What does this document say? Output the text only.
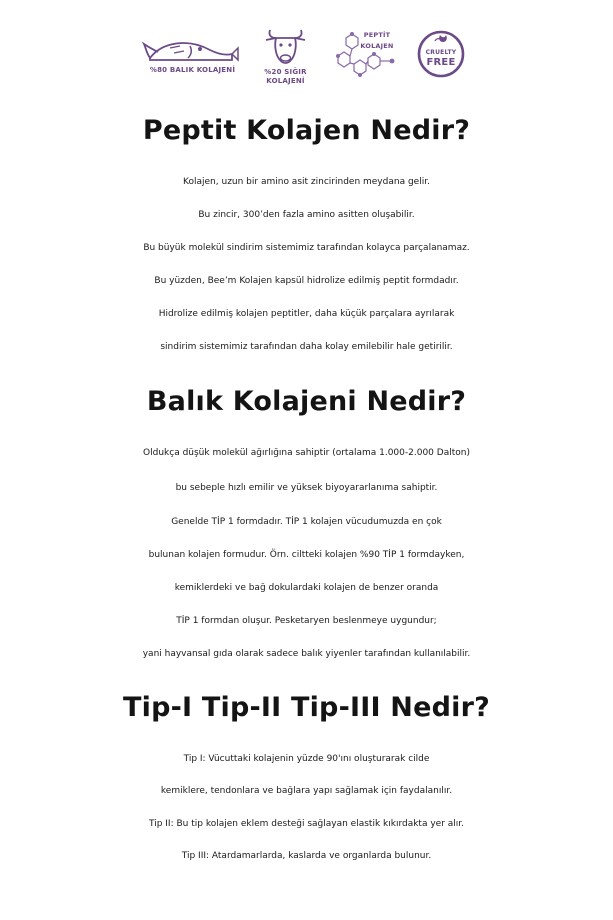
%80 BALIK KOLAJENİ	%20 SIĞIR
KOLAJENİ
PEPTİT
KOLAJEN
CRUELTY
FREE
Peptit Kolajen Nedir?

Kolajen, uzun bir amino asit zincirinden meydana gelir.

Bu zincir, 300’den fazla amino asitten oluşabilir.

Bu büyük molekül sindirim sistemimiz tarafından kolayca parçalanamaz.

Bu yüzden, Bee’m Kolajen kapsül hidrolize edilmiş peptit formdadır.

Hidrolize edilmiş kolajen peptitler, daha küçük parçalara ayrılarak

sindirim sistemimiz tarafından daha kolay emilebilir hale getirilir.

Balık Kolajeni Nedir?

Oldukça düşük molekül ağırlığına sahiptir (ortalama 1.000-2.000 Dalton)

bu sebeple hızlı emilir ve yüksek biyoyararlanıma sahiptir.

Genelde TİP 1 formdadır. TİP 1 kolajen vücudumuzda en çok

bulunan kolajen formudur. Örn. ciltteki kolajen %90 TİP 1 formdayken,

kemiklerdeki ve bağ dokulardaki kolajen de benzer oranda

TİP 1 formdan oluşur. Pesketaryen beslenmeye uygundur;

yani hayvansal gıda olarak sadece balık yiyenler tarafından kullanılabilir.

Tip-I Tip-II Tip-III Nedir?

Tip I: Vücuttaki kolajenin yüzde 90'ını oluşturarak cilde

kemiklere, tendonlara ve bağlara yapı sağlamak için faydalanılır.

Tip II: Bu tip kolajen eklem desteği sağlayan elastik kıkırdakta yer alır.

Tip III: Atardamarlarda, kaslarda ve organlarda bulunur.
